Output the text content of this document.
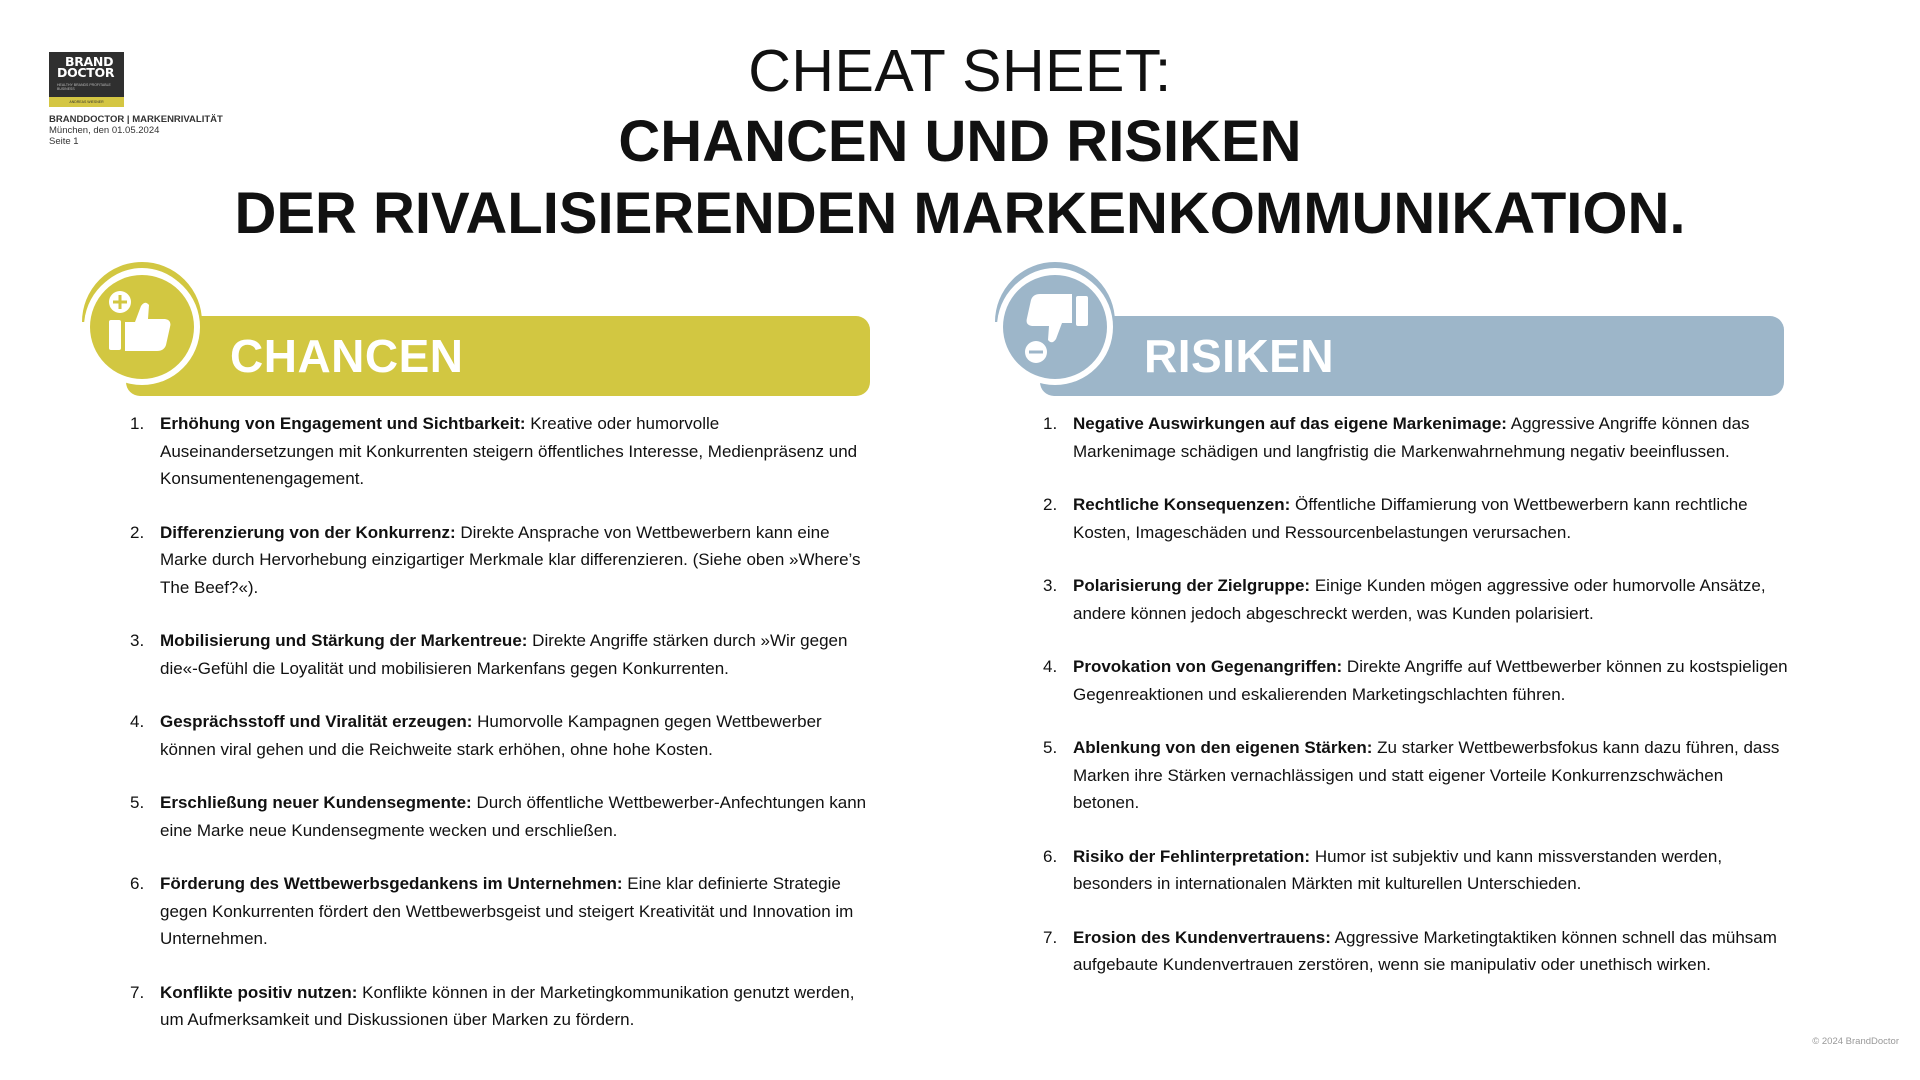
BRAND
DOCTOR
HEALTHY BRANDS PROFITABLE BUSINESS
ANDREAS WIESNER
BRANDDOCTOR | MARKENRIVALITÄT
München, den 01.05.2024
Seite 1
CHEAT SHEET:
CHANCEN UND RISIKEN
DER RIVALISIERENDEN MARKENKOMMUNIKATION.
CHANCEN	RISIKEN
1. Erhöhung von Engagement und Sichtbarkeit: Kreative oder humorvolle Auseinandersetzungen mit Konkurrenten steigern öffentliches Interesse, Medienpräsenz und Konsumentenengagement.
2. Differenzierung von der Konkurrenz: Direkte Ansprache von Wettbewerbern kann eine Marke durch Hervorhebung einzigartiger Merkmale klar differenzieren. (Siehe oben »Where’s The Beef?«).
3. Mobilisierung und Stärkung der Markentreue: Direkte Angriffe stärken durch »Wir gegen die«-Gefühl die Loyalität und mobilisieren Markenfans gegen Konkurrenten.
4. Gesprächsstoff und Viralität erzeugen: Humorvolle Kampagnen gegen Wettbewerber können viral gehen und die Reichweite stark erhöhen, ohne hohe Kosten.
5. Erschließung neuer Kundensegmente: Durch öffentliche Wettbewerber-Anfechtungen kann eine Marke neue Kundensegmente wecken und erschließen.
6. Förderung des Wettbewerbsgedankens im Unternehmen: Eine klar definierte Strategie gegen Konkurrenten fördert den Wettbewerbsgeist und steigert Kreativität und Innovation im Unternehmen.
7. Konflikte positiv nutzen: Konflikte können in der Marketingkommunikation genutzt werden, um Aufmerksamkeit und Diskussionen über Marken zu fördern.
1. Negative Auswirkungen auf das eigene Markenimage: Aggressive Angriffe können das Markenimage schädigen und langfristig die Markenwahrnehmung negativ beeinflussen.
2. Rechtliche Konsequenzen: Öffentliche Diffamierung von Wettbewerbern kann rechtliche Kosten, Imageschäden und Ressourcenbelastungen verursachen.
3. Polarisierung der Zielgruppe: Einige Kunden mögen aggressive oder humorvolle Ansätze, andere können jedoch abgeschreckt werden, was Kunden polarisiert.
4. Provokation von Gegenangriffen: Direkte Angriffe auf Wettbewerber können zu kostspieligen Gegenreaktionen und eskalierenden Marketingschlachten führen.
5. Ablenkung von den eigenen Stärken: Zu starker Wettbewerbsfokus kann dazu führen, dass Marken ihre Stärken vernachlässigen und statt eigener Vorteile Konkurrenzschwächen betonen.
6. Risiko der Fehlinterpretation: Humor ist subjektiv und kann missverstanden werden, besonders in internationalen Märkten mit kulturellen Unterschieden.
7. Erosion des Kundenvertrauens: Aggressive Marketingtaktiken können schnell das mühsam aufgebaute Kundenvertrauen zerstören, wenn sie manipulativ oder unethisch wirken.
© 2024 BrandDoctor
